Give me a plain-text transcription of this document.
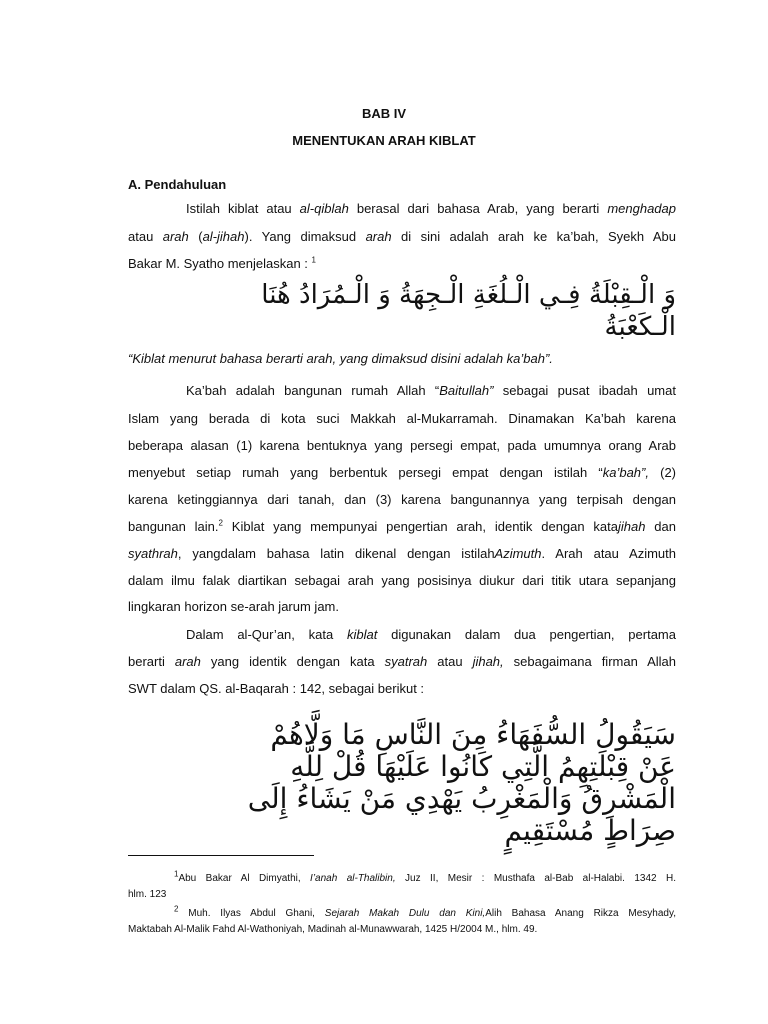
BAB IV
MENENTUKAN ARAH KIBLAT
A. Pendahuluan
Istilah kiblat atau al-qiblah berasal dari bahasa Arab, yang berarti menghadap
atau arah (al-jihah). Yang dimaksud arah di sini adalah arah ke ka’bah, Syekh Abu
Bakar M. Syatho menjelaskan : $^1$
وَ الْـقِبْلَةُ فِـي الْـلُغَةِ الْـجِهَةُ وَ الْـمُرَادُ هُنَا
الْـكَعْبَةُ
“Kiblat menurut bahasa berarti arah, yang dimaksud disini adalah ka’bah”.
Ka’bah adalah bangunan rumah Allah “Baitullah” sebagai pusat ibadah umat
Islam yang berada di kota suci Makkah al-Mukarramah. Dinamakan Ka’bah karena
beberapa alasan (1) karena bentuknya yang persegi empat, pada umumnya orang Arab
menyebut setiap rumah yang berbentuk persegi empat dengan istilah “ka’bah”, (2)
karena ketinggiannya dari tanah, dan (3) karena bangunannya yang terpisah dengan
bangunan lain.$^2$ Kiblat yang mempunyai pengertian arah, identik dengan katajihah dan
syathrah, yangdalam bahasa latin dikenal dengan istilahAzimuth. Arah atau Azimuth
dalam ilmu falak diartikan sebagai arah yang posisinya diukur dari titik utara sepanjang
lingkaran horizon se-arah jarum jam.
Dalam al-Qur’an, kata kiblat digunakan dalam dua pengertian, pertama
berarti arah yang identik dengan kata syatrah atau jihah, sebagaimana firman Allah
SWT dalam QS. al-Baqarah : 142, sebagai berikut :
سَيَقُولُ السُّفَهَاءُ مِنَ النَّاسِ مَا وَلَّاهُمْ
عَنْ قِبْلَتِهِمُ الَّتِي كَانُوا عَلَيْهَا قُلْ لِلَّهِ
الْمَشْرِقُ وَالْمَغْرِبُ يَهْدِي مَنْ يَشَاءُ إِلَى
صِرَاطٍ مُسْتَقِيمٍ
$^1$Abu Bakar Al Dimyathi, I’anah al-Thalibin, Juz II, Mesir : Musthafa al-Bab al-Halabi. 1342 H.
hlm. 123
$^2$ Muh. Ilyas Abdul Ghani, Sejarah Makah Dulu dan Kini,Alih Bahasa Anang Rikza Mesyhady,
Maktabah Al-Malik Fahd Al-Wathoniyah, Madinah al-Munawwarah, 1425 H/2004 M., hlm. 49.
